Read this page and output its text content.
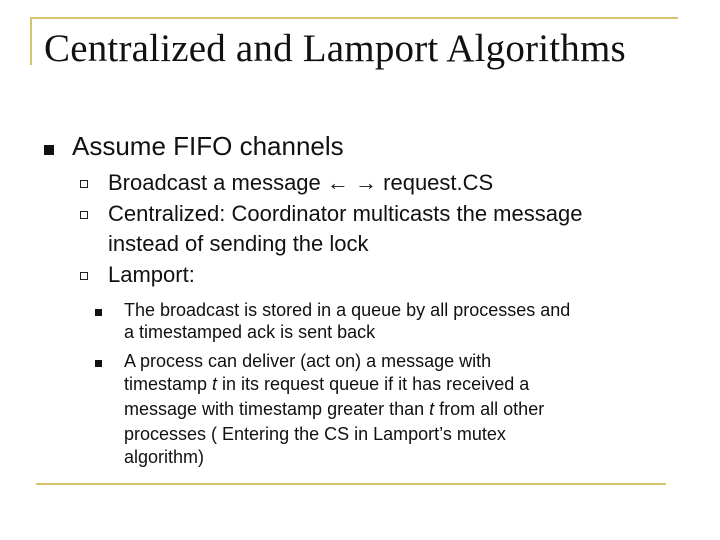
Centralized and Lamport Algorithms
Assume FIFO channels
Broadcast a message ← → request.CS
Centralized: Coordinator multicasts the message
instead of sending the lock
Lamport:
The broadcast is stored in a queue by all processes and
a timestamped ack is sent back
A process can deliver (act on) a message with
timestamp t in its request queue if it has received a
message with timestamp greater than t from all other
processes ( Entering the CS in Lamport’s mutex
algorithm)
